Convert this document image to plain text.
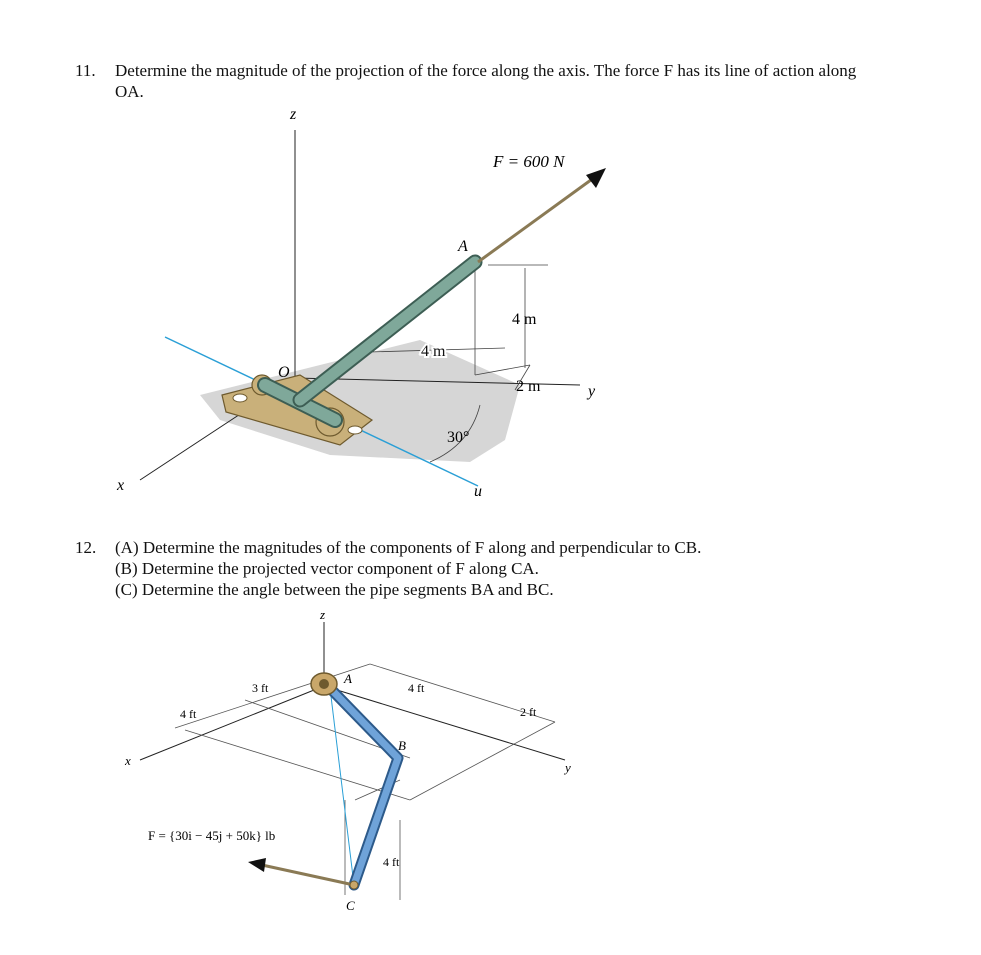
11. Determine the magnitude of the projection of the force along the axis. The force F has its line of action along
OA.
z
x
y
u
O
A
F = 600 N
4 m
4 m
2 m
30°
12. (A) Determine the magnitudes of the components of F along and perpendicular to CB.
(B) Determine the projected vector component of F along CA.
(C) Determine the angle between the pipe segments BA and BC.
z
x	y
A
B
C
3 ft
4 ft
4 ft
2 ft
4 ft
F = {30i − 45j + 50k} lb
